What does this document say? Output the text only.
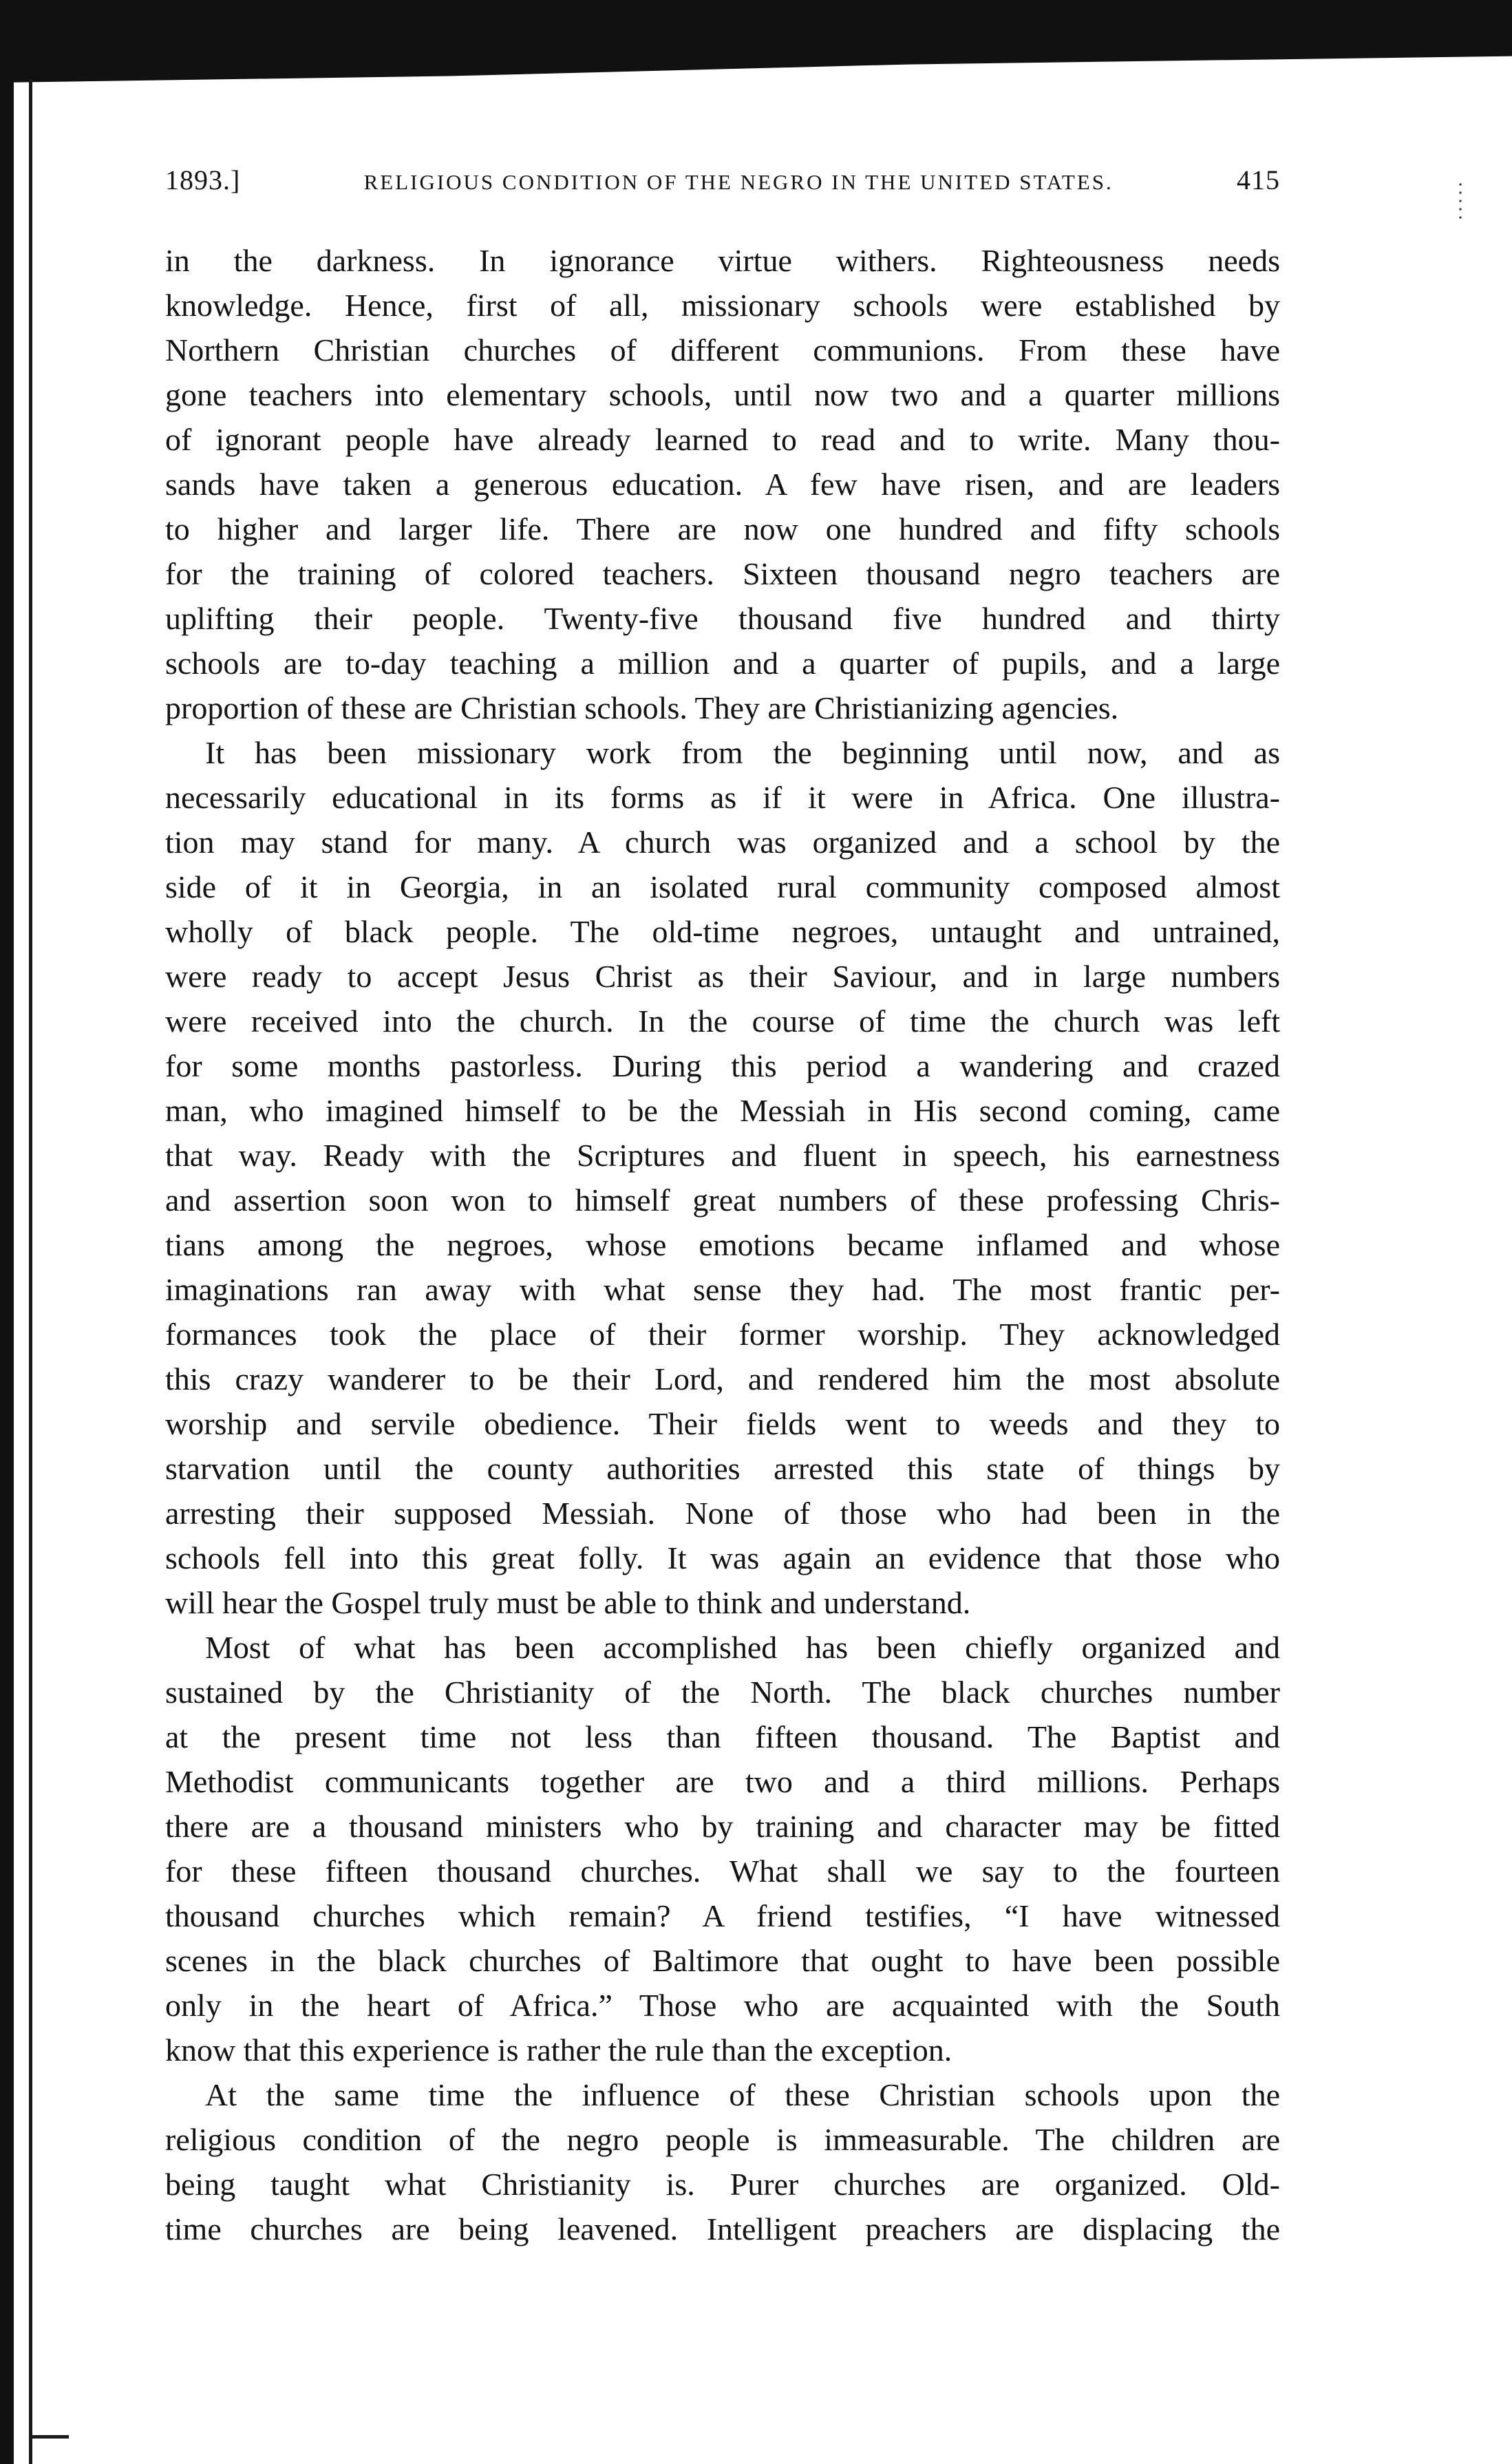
1893.]	RELIGIOUS CONDITION OF THE NEGRO IN THE UNITED STATES.	415
in the darkness. In ignorance virtue withers. Righteousness needs
knowledge. Hence, first of all, missionary schools were established by
Northern Christian churches of different communions. From these have
gone teachers into elementary schools, until now two and a quarter millions
of ignorant people have already learned to read and to write. Many thou-
sands have taken a generous education. A few have risen, and are leaders
to higher and larger life. There are now one hundred and fifty schools
for the training of colored teachers. Sixteen thousand negro teachers are
uplifting their people. Twenty-five thousand five hundred and thirty
schools are to-day teaching a million and a quarter of pupils, and a large
proportion of these are Christian schools. They are Christianizing agencies.
It has been missionary work from the beginning until now, and as
necessarily educational in its forms as if it were in Africa. One illustra-
tion may stand for many. A church was organized and a school by the
side of it in Georgia, in an isolated rural community composed almost
wholly of black people. The old-time negroes, untaught and untrained,
were ready to accept Jesus Christ as their Saviour, and in large numbers
were received into the church. In the course of time the church was left
for some months pastorless. During this period a wandering and crazed
man, who imagined himself to be the Messiah in His second coming, came
that way. Ready with the Scriptures and fluent in speech, his earnestness
and assertion soon won to himself great numbers of these professing Chris-
tians among the negroes, whose emotions became inflamed and whose
imaginations ran away with what sense they had. The most frantic per-
formances took the place of their former worship. They acknowledged
this crazy wanderer to be their Lord, and rendered him the most absolute
worship and servile obedience. Their fields went to weeds and they to
starvation until the county authorities arrested this state of things by
arresting their supposed Messiah. None of those who had been in the
schools fell into this great folly. It was again an evidence that those who
will hear the Gospel truly must be able to think and understand.
Most of what has been accomplished has been chiefly organized and
sustained by the Christianity of the North. The black churches number
at the present time not less than fifteen thousand. The Baptist and
Methodist communicants together are two and a third millions. Perhaps
there are a thousand ministers who by training and character may be fitted
for these fifteen thousand churches. What shall we say to the fourteen
thousand churches which remain? A friend testifies, “I have witnessed
scenes in the black churches of Baltimore that ought to have been possible
only in the heart of Africa.” Those who are acquainted with the South
know that this experience is rather the rule than the exception.
At the same time the influence of these Christian schools upon the
religious condition of the negro people is immeasurable. The children are
being taught what Christianity is. Purer churches are organized. Old-
time churches are being leavened. Intelligent preachers are displacing the
